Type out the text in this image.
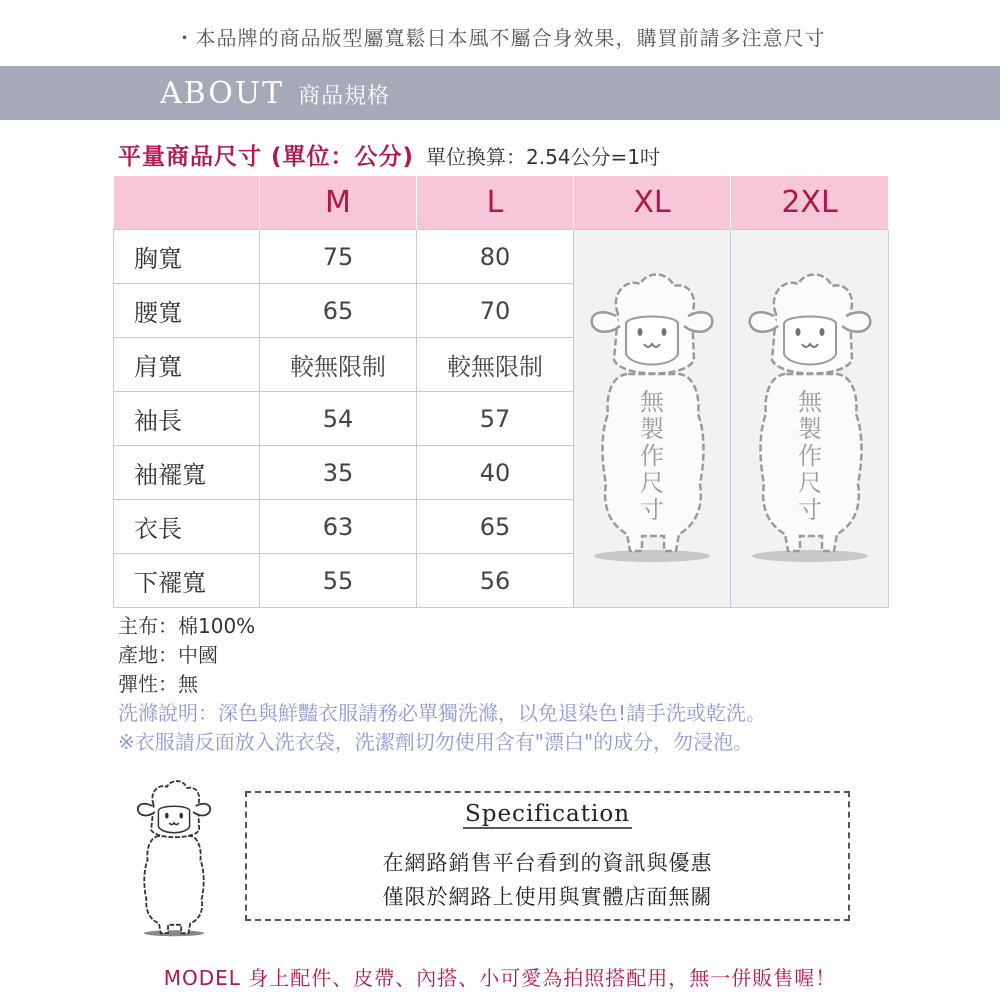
・本品牌的商品版型屬寬鬆日本風不屬合身效果，購買前請多注意尺寸
ABOUT 商品規格
平量商品尺寸 (單位：公分) 單位換算：2.54公分=1吋
	M	L	XL	2XL
胸寬	75	80	無製作尺寸	無製作尺寸

腰寬	65	70		
肩寬	較無限制	較無限制		
袖長	54	57		
袖襬寬	35	40		
衣長	63	65		
下襬寬	55	56		
主布：棉100%
產地：中國
彈性：無
洗滌說明：深色與鮮豔衣服請務必單獨洗滌，以免退染色!請手洗或乾洗。
※衣服請反面放入洗衣袋，洗潔劑切勿使用含有"漂白"的成分，勿浸泡。
Specification
在網路銷售平台看到的資訊與優惠
僅限於網路上使用與實體店面無關
MODEL 身上配件、皮帶、內搭、小可愛為拍照搭配用，無一併販售喔！
